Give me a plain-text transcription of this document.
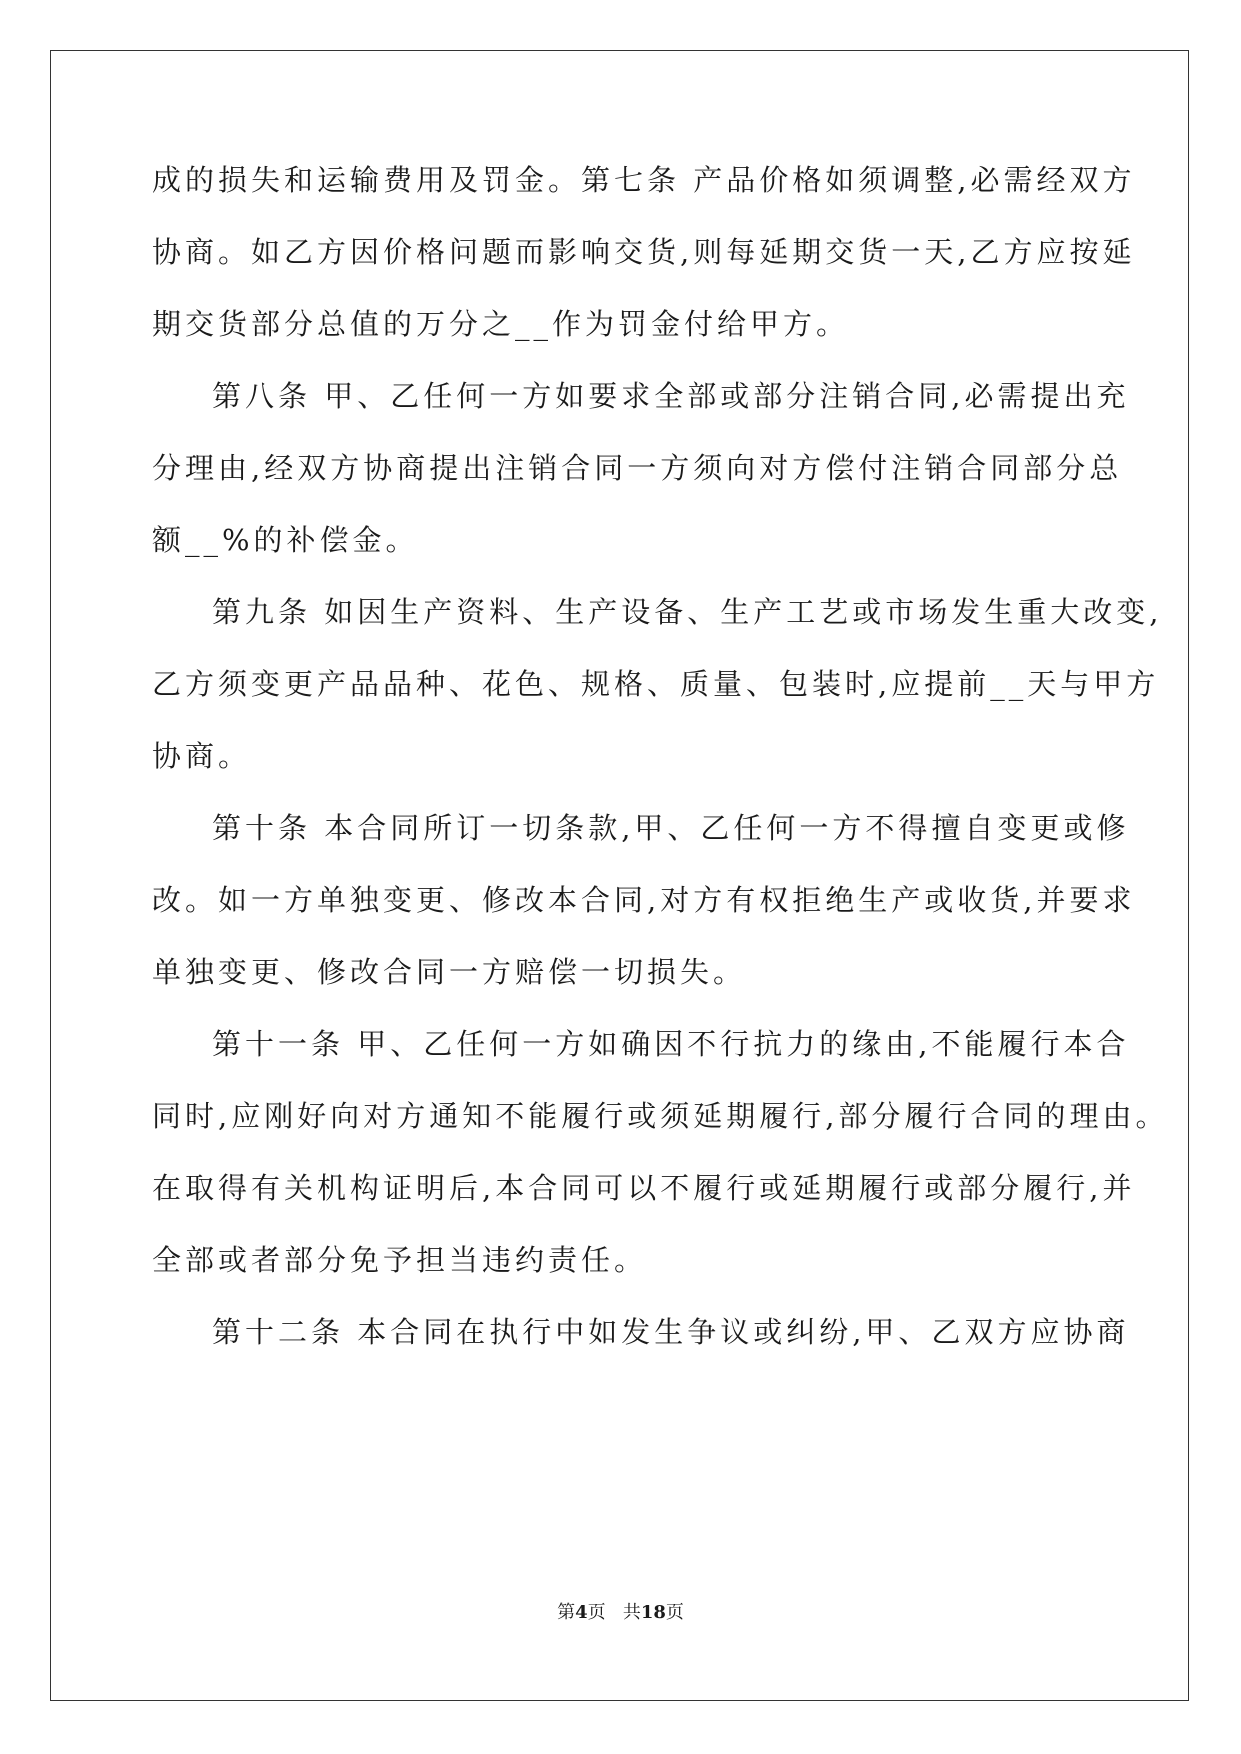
成的损失和运输费用及罚金。第七条 产品价格如须调整,必需经双方
协商。如乙方因价格问题而影响交货,则每延期交货一天,乙方应按延
期交货部分总值的万分之__作为罚金付给甲方。
第八条 甲、乙任何一方如要求全部或部分注销合同,必需提出充
分理由,经双方协商提出注销合同一方须向对方偿付注销合同部分总
额__%的补偿金。
第九条 如因生产资料、生产设备、生产工艺或市场发生重大改变,
乙方须变更产品品种、花色、规格、质量、包装时,应提前__天与甲方
协商。
第十条 本合同所订一切条款,甲、乙任何一方不得擅自变更或修
改。如一方单独变更、修改本合同,对方有权拒绝生产或收货,并要求
单独变更、修改合同一方赔偿一切损失。
第十一条 甲、乙任何一方如确因不行抗力的缘由,不能履行本合
同时,应刚好向对方通知不能履行或须延期履行,部分履行合同的理由。
在取得有关机构证明后,本合同可以不履行或延期履行或部分履行,并
全部或者部分免予担当违约责任。
第十二条 本合同在执行中如发生争议或纠纷,甲、乙双方应协商
第4页 共18页
